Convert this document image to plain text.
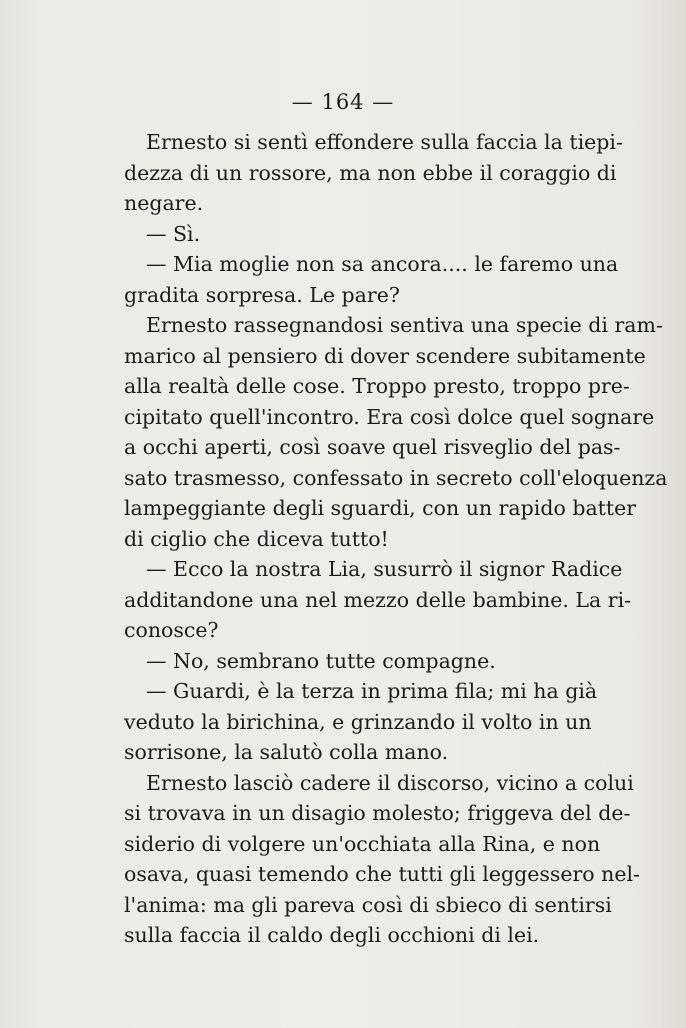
— 164 —
Ernesto si sentì effondere sulla faccia la tiepi-
dezza di un rossore, ma non ebbe il coraggio di
negare.
— Sì.
— Mia moglie non sa ancora.... le faremo una
gradita sorpresa. Le pare?
Ernesto rassegnandosi sentiva una specie di ram-
marico al pensiero di dover scendere subitamente
alla realtà delle cose. Troppo presto, troppo pre-
cipitato quell'incontro. Era così dolce quel sognare
a occhi aperti, così soave quel risveglio del pas-
sato trasmesso, confessato in secreto coll'eloquenza
lampeggiante degli sguardi, con un rapido batter
di ciglio che diceva tutto!
— Ecco la nostra Lia, susurrò il signor Radice
additandone una nel mezzo delle bambine. La ri-
conosce?
— No, sembrano tutte compagne.
— Guardi, è la terza in prima fila; mi ha già
veduto la birichina, e grinzando il volto in un
sorrisone, la salutò colla mano.
Ernesto lasciò cadere il discorso, vicino a colui
si trovava in un disagio molesto; friggeva del de-
siderio di volgere un'occhiata alla Rina, e non
osava, quasi temendo che tutti gli leggessero nel-
l'anima: ma gli pareva così di sbieco di sentirsi
sulla faccia il caldo degli occhioni di lei.
